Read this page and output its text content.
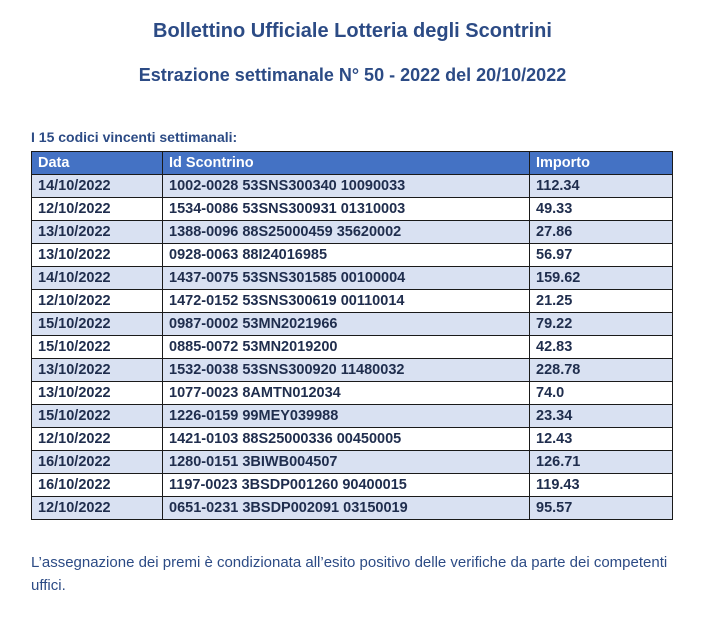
Bollettino Ufficiale Lotteria degli Scontrini
Estrazione settimanale N° 50 - 2022 del 20/10/2022
I 15 codici vincenti settimanali:
Data	Id Scontrino	Importo
14/10/2022	1002-0028 53SNS300340 10090033	112.34
12/10/2022	1534-0086 53SNS300931 01310003	49.33
13/10/2022	1388-0096 88S25000459 35620002	27.86
13/10/2022	0928-0063 88I24016985	56.97
14/10/2022	1437-0075 53SNS301585 00100004	159.62
12/10/2022	1472-0152 53SNS300619 00110014	21.25
15/10/2022	0987-0002 53MN2021966	79.22
15/10/2022	0885-0072 53MN2019200	42.83
13/10/2022	1532-0038 53SNS300920 11480032	228.78
13/10/2022	1077-0023 8AMTN012034	74.0
15/10/2022	1226-0159 99MEY039988	23.34
12/10/2022	1421-0103 88S25000336 00450005	12.43
16/10/2022	1280-0151 3BIWB004507	126.71
16/10/2022	1197-0023 3BSDP001260 90400015	119.43
12/10/2022	0651-0231 3BSDP002091 03150019	95.57
L’assegnazione dei premi è condizionata all’esito positivo delle verifiche da parte dei competenti uffici.
